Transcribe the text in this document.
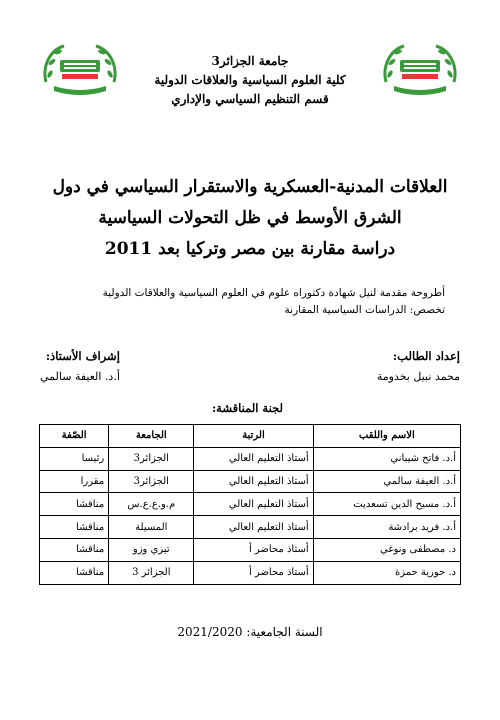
جامعة الجزائر3
كلية العلوم السياسية والعلاقات الدولية
قسم التنظيم السياسي والإداري
العلاقات المدنية-العسكرية والاستقرار السياسي في دول
الشرق الأوسط في ظل التحولات السياسية
دراسة مقارنة بين مصر وتركيا بعد 2011
أطروحة مقدمة لنيل شهادة دكتوراه علوم في العلوم السياسية والعلاقات الدولية
تخصص: الدراسات السياسية المقارنة
إعداد الطالب:
محمد نبيل بخدومة
إشراف الأستاذ:
أ.د. العيفة سالمي
لجنة المناقشة:
الاسم واللقب	الرتبة	الجامعة	الصّفة
أ.د. فاتح شيباني	أستاذ التعليم العالي	الجزائر3	رئيسا
أ.د. العيفة سالمي	أستاذ التعليم العالي	الجزائر3	مقررا
أ.د. مسيح الدين تسعديت	أستاذ التعليم العالي	م.و.ع.ع.س	مناقشا
أ.د. فريد برادشة	أستاذ التعليم العالي	المسيلة	مناقشا
د. مصطفى ونوغي	أستاذ محاضر أ	تيزي وزو	مناقشا
د. حورية حمزة	أستاذ محاضر أ	الجزائر 3	مناقشا
السنة الجامعية: 2021/2020
